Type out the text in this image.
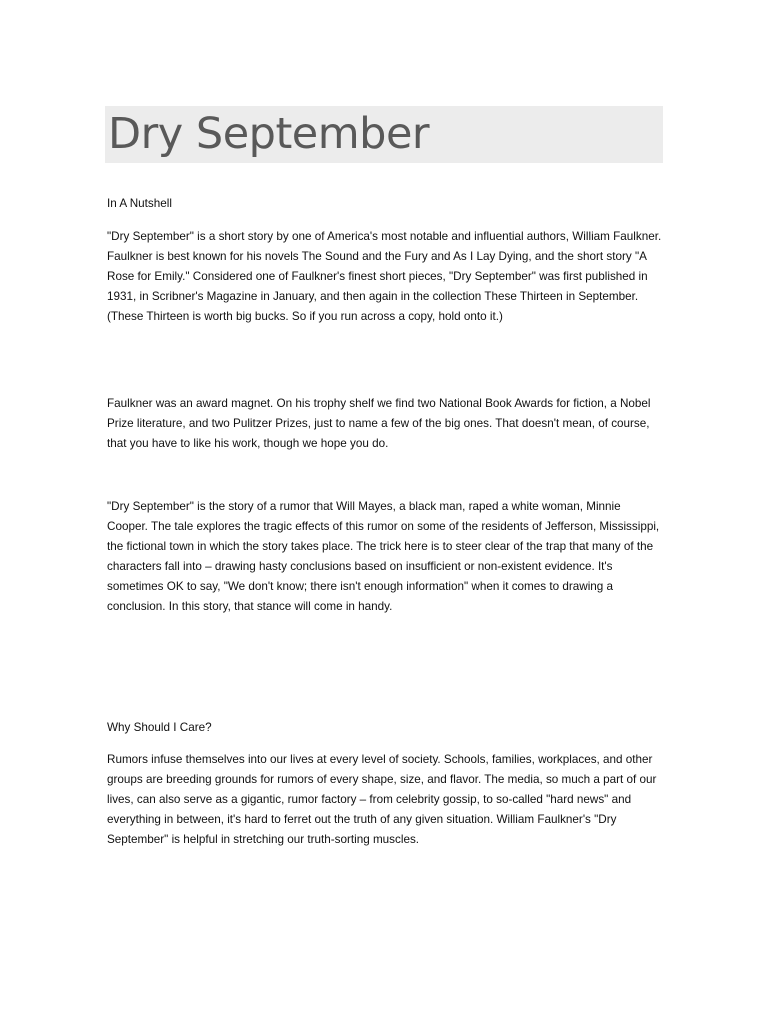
Dry September

In A Nutshell

"Dry September" is a short story by one of America's most notable and influential authors, William Faulkner. Faulkner is best known for his novels The Sound and the Fury and As I Lay Dying, and the short story "A Rose for Emily." Considered one of Faulkner's finest short pieces, "Dry September" was first published in 1931, in Scribner's Magazine in January, and then again in the collection These Thirteen in September. (These Thirteen is worth big bucks. So if you run across a copy, hold onto it.)

Faulkner was an award magnet. On his trophy shelf we find two National Book Awards for fiction, a Nobel Prize literature, and two Pulitzer Prizes, just to name a few of the big ones. That doesn't mean, of course, that you have to like his work, though we hope you do.

"Dry September" is the story of a rumor that Will Mayes, a black man, raped a white woman, Minnie Cooper. The tale explores the tragic effects of this rumor on some of the residents of Jefferson, Mississippi, the fictional town in which the story takes place. The trick here is to steer clear of the trap that many of the characters fall into – drawing hasty conclusions based on insufficient or non-existent evidence. It's sometimes OK to say, "We don't know; there isn't enough information" when it comes to drawing a conclusion. In this story, that stance will come in handy.

Why Should I Care?

Rumors infuse themselves into our lives at every level of society. Schools, families, workplaces, and other groups are breeding grounds for rumors of every shape, size, and flavor. The media, so much a part of our lives, can also serve as a gigantic, rumor factory – from celebrity gossip, to so-called "hard news" and everything in between, it's hard to ferret out the truth of any given situation. William Faulkner's "Dry September" is helpful in stretching our truth-sorting muscles.
